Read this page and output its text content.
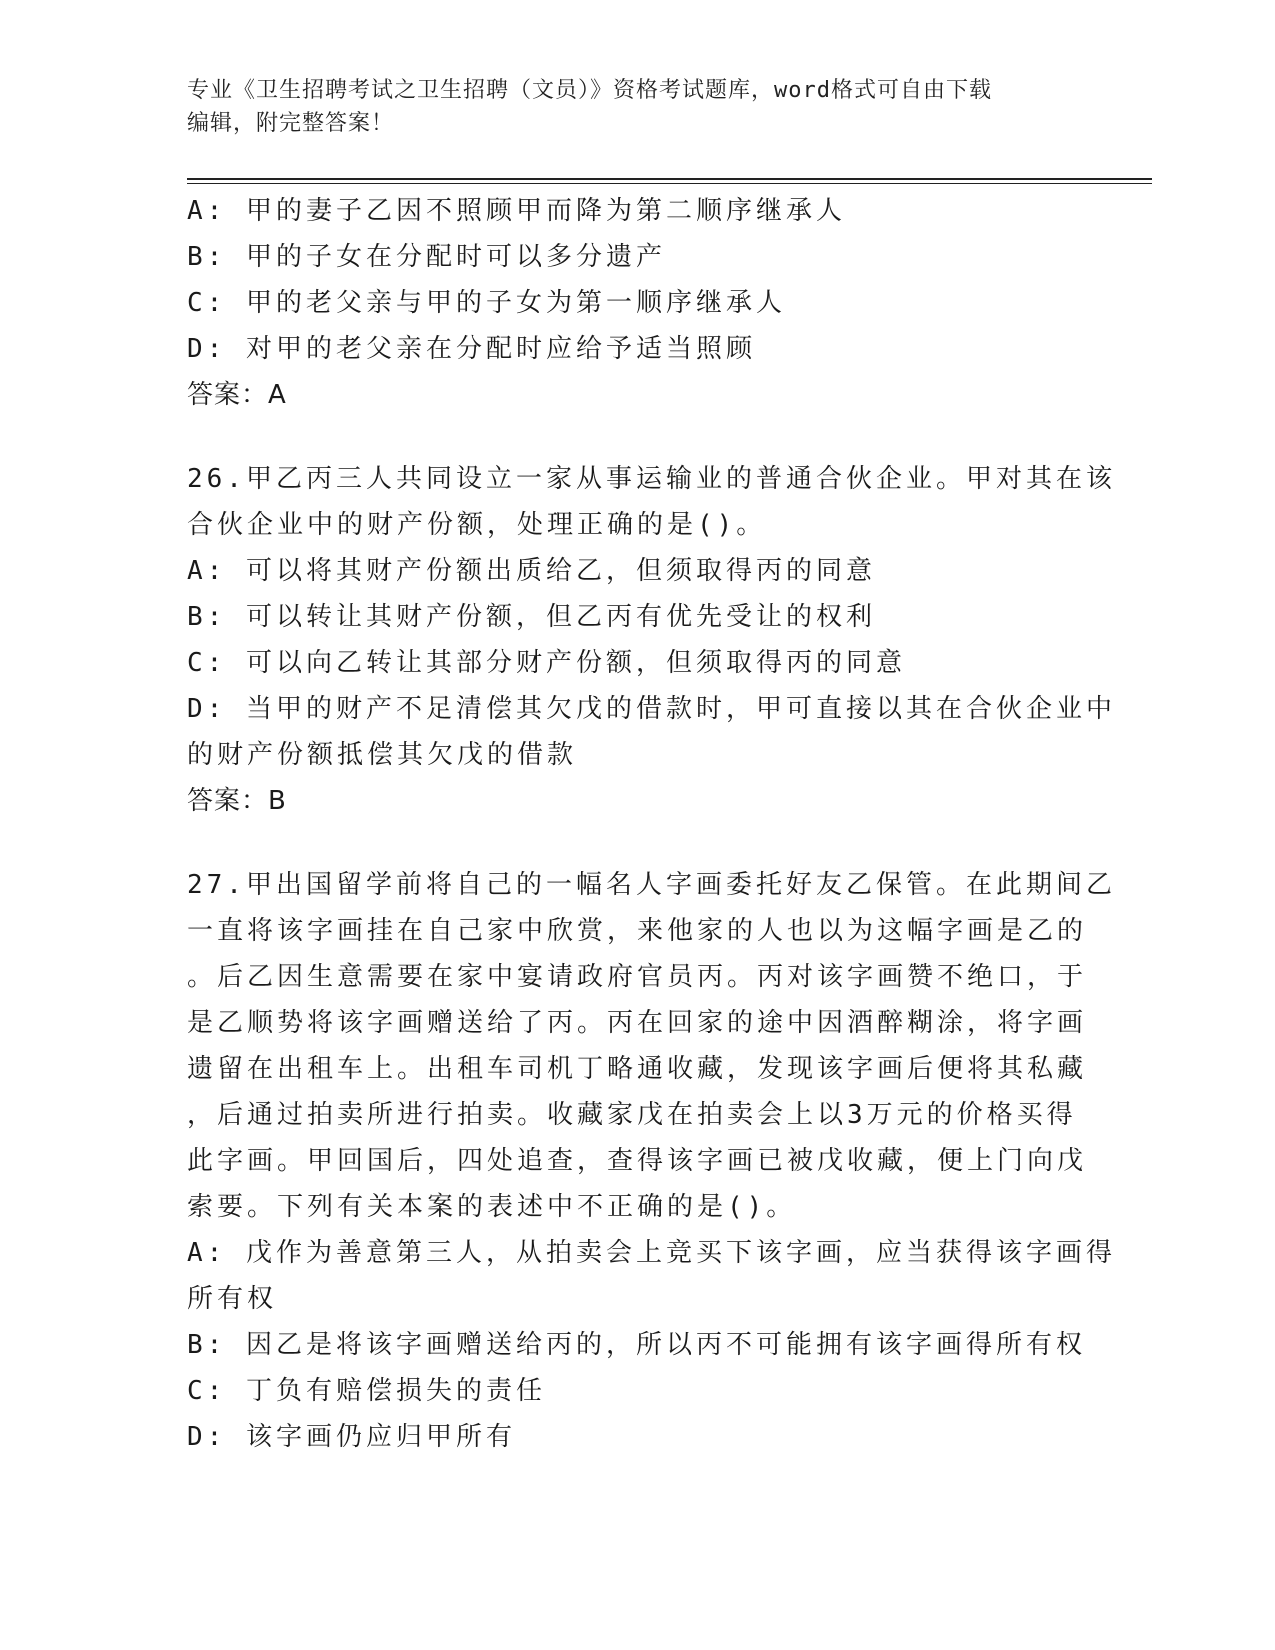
专业《卫生招聘考试之卫生招聘（文员）》资格考试题库，word格式可自由下载
编辑，附完整答案！
A: 甲的妻子乙因不照顾甲而降为第二顺序继承人
B: 甲的子女在分配时可以多分遗产
C: 甲的老父亲与甲的子女为第一顺序继承人
D: 对甲的老父亲在分配时应给予适当照顾
答案：A
26.甲乙丙三人共同设立一家从事运输业的普通合伙企业。甲对其在该
合伙企业中的财产份额，处理正确的是()。
A: 可以将其财产份额出质给乙，但须取得丙的同意
B: 可以转让其财产份额，但乙丙有优先受让的权利
C: 可以向乙转让其部分财产份额，但须取得丙的同意
D: 当甲的财产不足清偿其欠戊的借款时，甲可直接以其在合伙企业中
的财产份额抵偿其欠戊的借款
答案：B
27.甲出国留学前将自己的一幅名人字画委托好友乙保管。在此期间乙
一直将该字画挂在自己家中欣赏，来他家的人也以为这幅字画是乙的
。后乙因生意需要在家中宴请政府官员丙。丙对该字画赞不绝口，于
是乙顺势将该字画赠送给了丙。丙在回家的途中因酒醉糊涂，将字画
遗留在出租车上。出租车司机丁略通收藏，发现该字画后便将其私藏
，后通过拍卖所进行拍卖。收藏家戊在拍卖会上以3万元的价格买得
此字画。甲回国后，四处追查，查得该字画已被戊收藏，便上门向戊
索要。下列有关本案的表述中不正确的是()。
A: 戊作为善意第三人，从拍卖会上竞买下该字画，应当获得该字画得
所有权
B: 因乙是将该字画赠送给丙的，所以丙不可能拥有该字画得所有权
C: 丁负有赔偿损失的责任
D: 该字画仍应归甲所有
